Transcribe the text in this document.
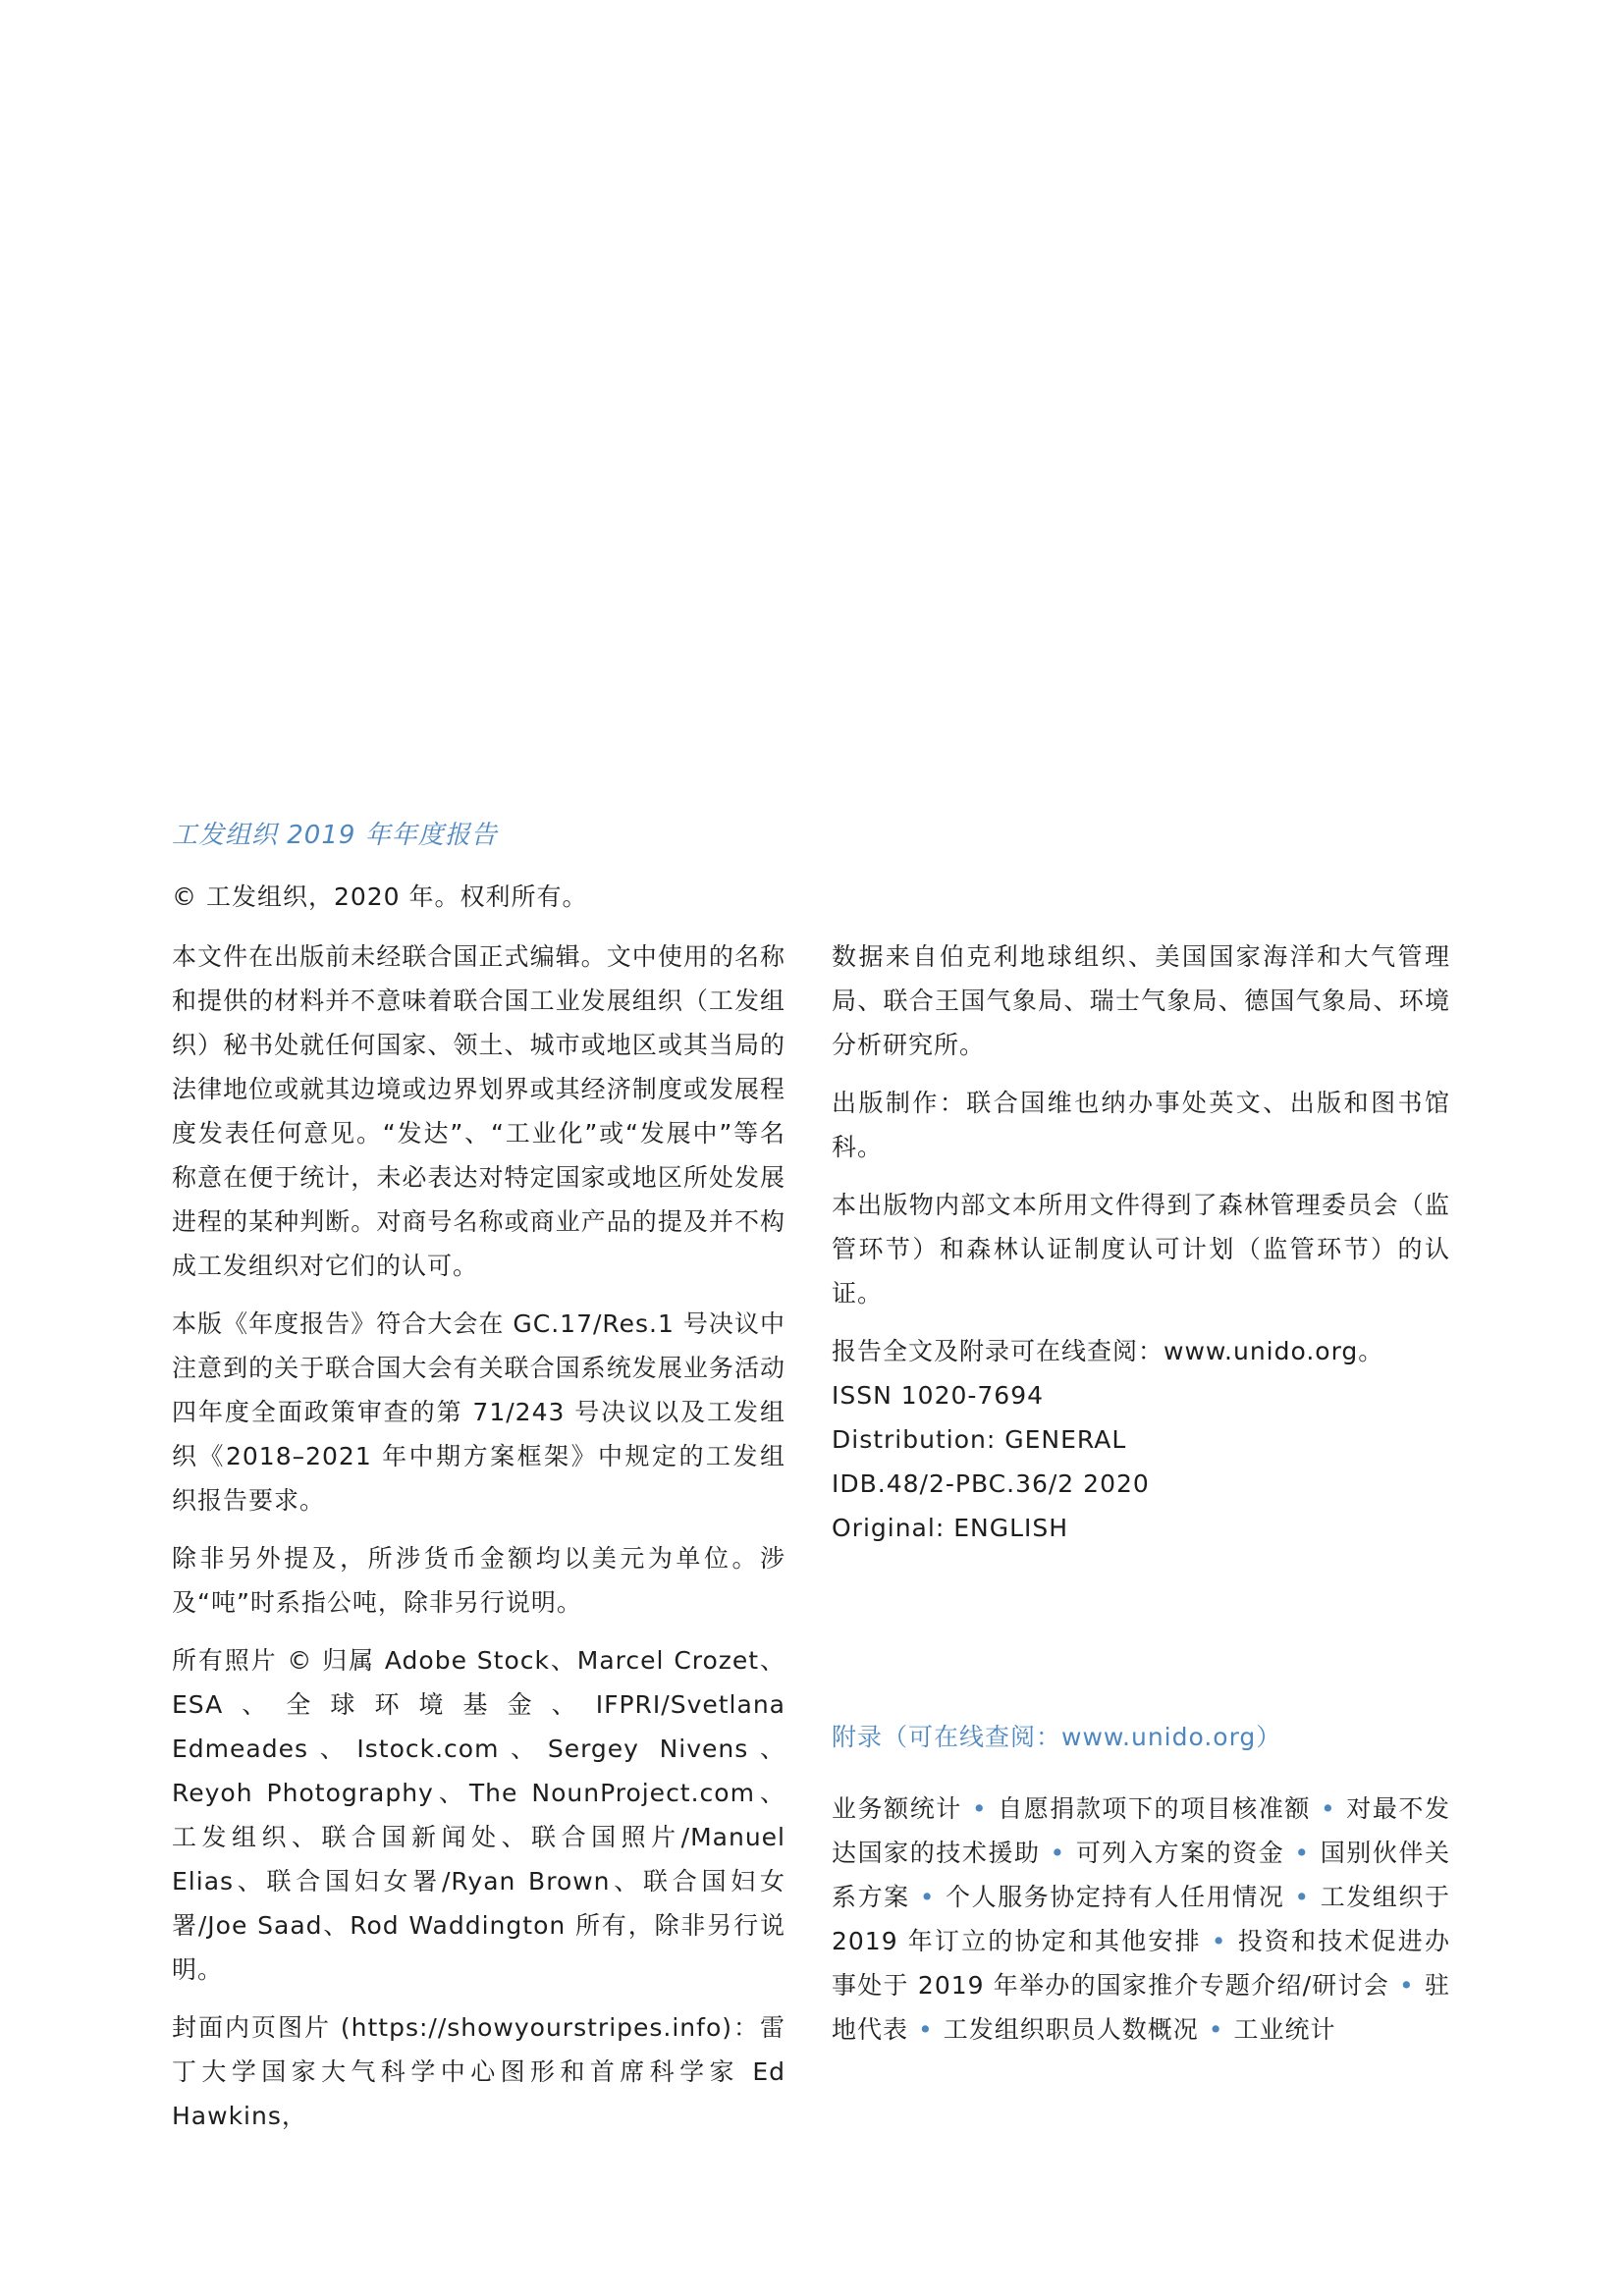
工发组织 2019 年年度报告
© 工发组织，2020 年。权利所有。

本文件在出版前未经联合国正式编辑。文中使用的名称和提供的材料并不意味着联合国工业发展组织（工发组织）秘书处就任何国家、领土、城市或地区或其当局的法律地位或就其边境或边界划界或其经济制度或发展程度发表任何意见。“发达”、“工业化”或“发展中”等名称意在便于统计，未必表达对特定国家或地区所处发展进程的某种判断。对商号名称或商业产品的提及并不构成工发组织对它们的认可。

本版《年度报告》符合大会在 GC.17/Res.1 号决议中注意到的关于联合国大会有关联合国系统发展业务活动四年度全面政策审查的第 71/243 号决议以及工发组织《2018–2021 年中期方案框架》中规定的工发组织报告要求。

除非另外提及，所涉货币金额均以美元为单位。涉及“吨”时系指公吨，除非另行说明。

所有照片 © 归属 Adobe Stock、Marcel Crozet、ESA、全球环境基金、IFPRI/Svetlana Edmeades、Istock.com、Sergey Nivens、Reyoh Photography、The NounProject.com、工发组织、联合国新闻处、联合国照片/Manuel Elias、联合国妇女署/Ryan Brown、联合国妇女署/Joe Saad、Rod Waddington 所有，除非另行说明。

封面内页图片 (https://showyourstripes.info)：雷丁大学国家大气科学中心图形和首席科学家 Ed Hawkins，

数据来自伯克利地球组织、美国国家海洋和大气管理局、联合王国气象局、瑞士气象局、德国气象局、环境分析研究所。

出版制作：联合国维也纳办事处英文、出版和图书馆科。

本出版物内部文本所用文件得到了森林管理委员会（监管环节）和森林认证制度认可计划（监管环节）的认证。

报告全文及附录可在线查阅：www.unido.org。

ISSN 1020-7694

Distribution: GENERAL

IDB.48/2-PBC.36/2 2020

Original: ENGLISH

附录（可在线查阅：www.unido.org）
业务额统计 • 自愿捐款项下的项目核准额 • 对最不发达国家的技术援助 • 可列入方案的资金 • 国别伙伴关系方案 • 个人服务协定持有人任用情况 • 工发组织于 2019 年订立的协定和其他安排 • 投资和技术促进办事处于 2019 年举办的国家推介专题介绍/研讨会 • 驻地代表 • 工发组织职员人数概况 • 工业统计
